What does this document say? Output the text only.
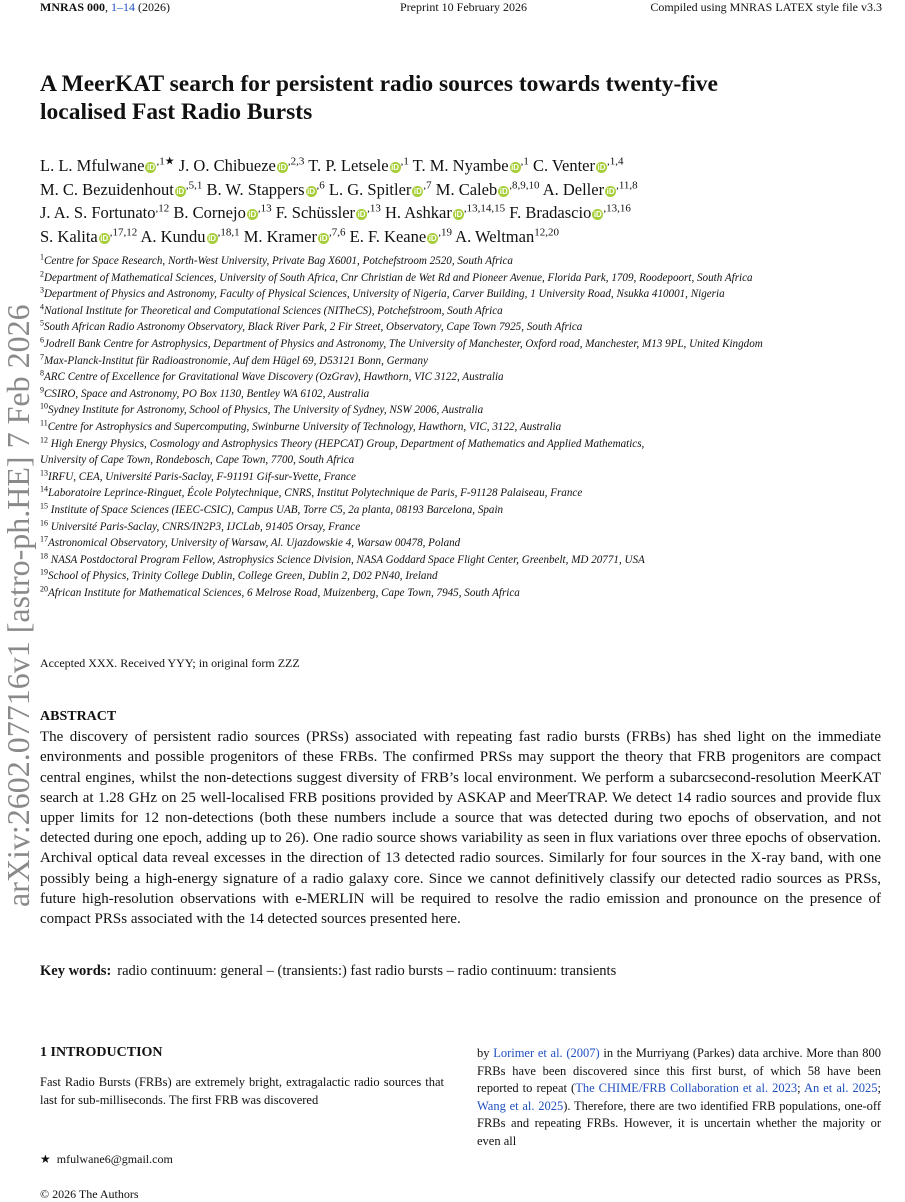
MNRAS 000, 1–14 (2026)	Preprint 10 February 2026	Compiled using MNRAS LATEX style file v3.3
arXiv:2602.07716v1 [astro-ph.HE] 7 Feb 2026
A MeerKAT search for persistent radio sources towards twenty-five
localised Fast Radio Bursts
L. L. Mfulwane iD $^{,1★}$ J. O. Chibueze iD $^{,2,3}$ T. P. Letsele iD $^{,1}$ T. M. Nyambe iD $^{,1}$ C. Venter iD $^{,1,4}$
M. C. Bezuidenhout iD $^{,5,1}$ B. W. Stappers iD $^{,6}$ L. G. Spitler iD $^{,7}$ M. Caleb iD $^{,8,9,10}$ A. Deller iD $^{,11,8}$
J. A. S. Fortunato$^{,12}$ B. Cornejo iD $^{,13}$ F. Schüssler iD $^{,13}$ H. Ashkar iD $^{,13,14,15}$ F. Bradascio iD $^{,13,16}$
S. Kalita iD $^{,17,12}$ A. Kundu iD $^{,18,1}$ M. Kramer iD $^{,7,6}$ E. F. Keane iD $^{,19}$ A. Weltman$^{12,20}$
$^1$Centre for Space Research, North-West University, Private Bag X6001, Potchefstroom 2520, South Africa
$^2$Department of Mathematical Sciences, University of South Africa, Cnr Christian de Wet Rd and Pioneer Avenue, Florida Park, 1709, Roodepoort, South Africa
$^3$Department of Physics and Astronomy, Faculty of Physical Sciences, University of Nigeria, Carver Building, 1 University Road, Nsukka 410001, Nigeria
$^4$National Institute for Theoretical and Computational Sciences (NITheCS), Potchefstroom, South Africa
$^5$South African Radio Astronomy Observatory, Black River Park, 2 Fir Street, Observatory, Cape Town 7925, South Africa
$^6$Jodrell Bank Centre for Astrophysics, Department of Physics and Astronomy, The University of Manchester, Oxford road, Manchester, M13 9PL, United Kingdom
$^7$Max-Planck-Institut für Radioastronomie, Auf dem Hügel 69, D53121 Bonn, Germany
$^8$ARC Centre of Excellence for Gravitational Wave Discovery (OzGrav), Hawthorn, VIC 3122, Australia
$^9$CSIRO, Space and Astronomy, PO Box 1130, Bentley WA 6102, Australia
$^{10}$Sydney Institute for Astronomy, School of Physics, The University of Sydney, NSW 2006, Australia
$^{11}$Centre for Astrophysics and Supercomputing, Swinburne University of Technology, Hawthorn, VIC, 3122, Australia
$^{12}$ High Energy Physics, Cosmology and Astrophysics Theory (HEPCAT) Group, Department of Mathematics and Applied Mathematics,
University of Cape Town, Rondebosch, Cape Town, 7700, South Africa
$^{13}$IRFU, CEA, Université Paris-Saclay, F-91191 Gif-sur-Yvette, France
$^{14}$Laboratoire Leprince-Ringuet, École Polytechnique, CNRS, Institut Polytechnique de Paris, F-91128 Palaiseau, France
$^{15}$ Institute of Space Sciences (IEEC-CSIC), Campus UAB, Torre C5, 2a planta, 08193 Barcelona, Spain
$^{16}$ Université Paris-Saclay, CNRS/IN2P3, IJCLab, 91405 Orsay, France
$^{17}$Astronomical Observatory, University of Warsaw, Al. Ujazdowskie 4, Warsaw 00478, Poland
$^{18}$ NASA Postdoctoral Program Fellow, Astrophysics Science Division, NASA Goddard Space Flight Center, Greenbelt, MD 20771, USA
$^{19}$School of Physics, Trinity College Dublin, College Green, Dublin 2, D02 PN40, Ireland
$^{20}$African Institute for Mathematical Sciences, 6 Melrose Road, Muizenberg, Cape Town, 7945, South Africa
Accepted XXX. Received YYY; in original form ZZZ
ABSTRACT
The discovery of persistent radio sources (PRSs) associated with repeating fast radio bursts (FRBs) has shed light on the immediate environments and possible progenitors of these FRBs. The confirmed PRSs may support the theory that FRB progenitors are compact central engines, whilst the non-detections suggest diversity of FRB’s local environment. We perform a subarcsecond-resolution MeerKAT search at 1.28 GHz on 25 well-localised FRB positions provided by ASKAP and MeerTRAP. We detect 14 radio sources and provide flux upper limits for 12 non-detections (both these numbers include a source that was detected during two epochs of observation, and not detected during one epoch, adding up to 26). One radio source shows variability as seen in flux variations over three epochs of observation. Archival optical data reveal excesses in the direction of 13 detected radio sources. Similarly for four sources in the X-ray band, with one possibly being a high-energy signature of a radio galaxy core. Since we cannot definitively classify our detected radio sources as PRSs, future high-resolution observations with e-MERLIN will be required to resolve the radio emission and pronounce on the presence of compact PRSs associated with the 14 detected sources presented here.
Key words: radio continuum: general – (transients:) fast radio bursts – radio continuum: transients
1 INTRODUCTION
Fast Radio Bursts (FRBs) are extremely bright, extragalactic radio sources that last for sub-milliseconds. The first FRB was discovered
by Lorimer et al. (2007) in the Murriyang (Parkes) data archive. More than 800 FRBs have been discovered since this first burst, of which 58 have been reported to repeat (The CHIME/FRB Collaboration et al. 2023; An et al. 2025; Wang et al. 2025). Therefore, there are two identified FRB populations, one-off FRBs and repeating FRBs. However, it is uncertain whether the majority or even all
★ mfulwane6@gmail.com
© 2026 The Authors
